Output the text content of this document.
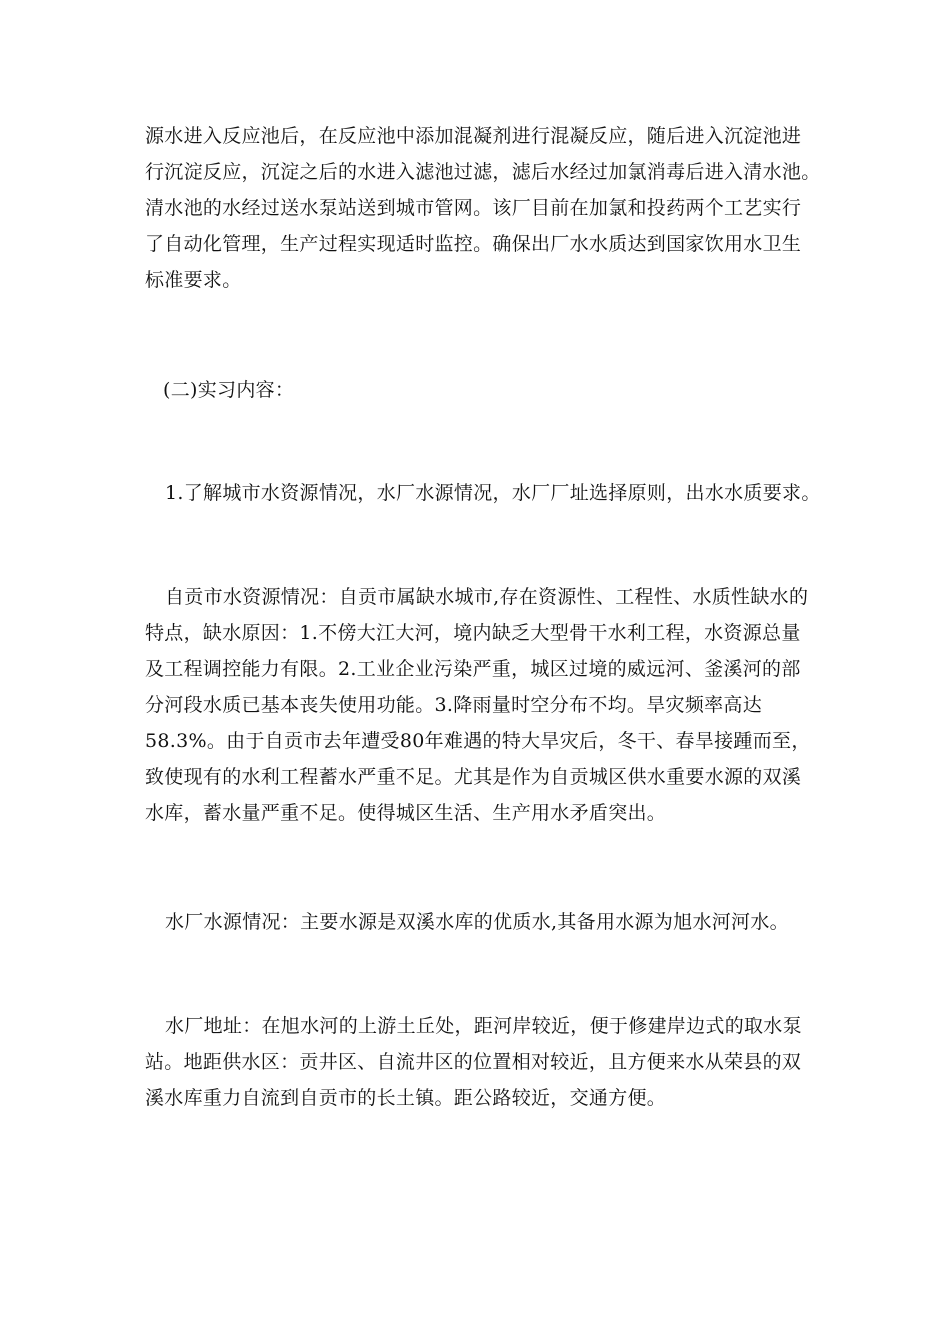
源水进入反应池后，在反应池中添加混凝剂进行混凝反应，随后进入沉淀池进
行沉淀反应，沉淀之后的水进入滤池过滤，滤后水经过加氯消毒后进入清水池。
清水池的水经过送水泵站送到城市管网。该厂目前在加氯和投药两个工艺实行
了自动化管理，生产过程实现适时监控。确保出厂水水质达到国家饮用水卫生
标准要求。
(二)实习内容：
1.了解城市水资源情况，水厂水源情况，水厂厂址选择原则，出水水质要求。
自贡市水资源情况：自贡市属缺水城市,存在资源性、工程性、水质性缺水的
特点，缺水原因：1.不傍大江大河，境内缺乏大型骨干水利工程，水资源总量
及工程调控能力有限。2.工业企业污染严重，城区过境的威远河、釜溪河的部
分河段水质已基本丧失使用功能。3.降雨量时空分布不均。旱灾频率高达
58.3%。由于自贡市去年遭受80年难遇的特大旱灾后，冬干、春旱接踵而至，
致使现有的水利工程蓄水严重不足。尤其是作为自贡城区供水重要水源的双溪
水库，蓄水量严重不足。使得城区生活、生产用水矛盾突出。
水厂水源情况：主要水源是双溪水库的优质水,其备用水源为旭水河河水。
水厂地址：在旭水河的上游土丘处，距河岸较近，便于修建岸边式的取水泵
站。地距供水区：贡井区、自流井区的位置相对较近，且方便来水从荣县的双
溪水库重力自流到自贡市的长土镇。距公路较近，交通方便。
